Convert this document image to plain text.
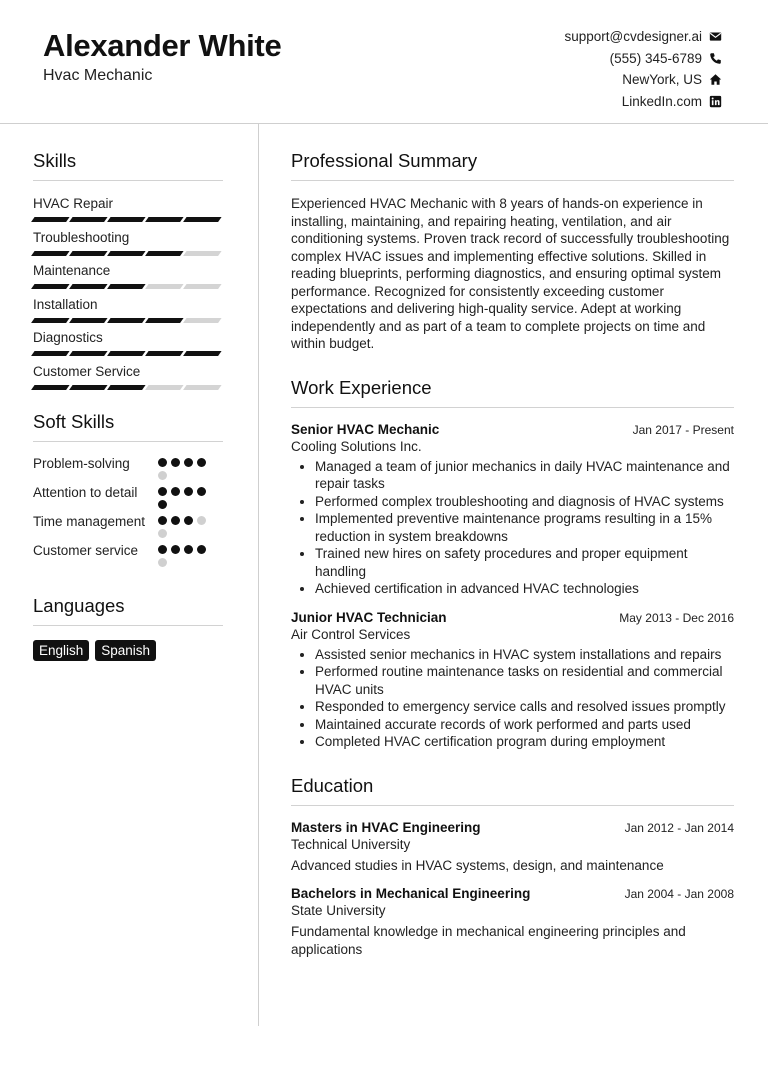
Alexander White
Hvac Mechanic
support@cvdesigner.ai
(555) 345-6789
NewYork, US
LinkedIn.com
Skills
HVAC Repair
Troubleshooting
Maintenance
Installation
Diagnostics
Customer Service
Soft Skills
Problem-solving
Attention to detail
Time management
Customer service
Languages
English	Spanish
Professional Summary
Experienced HVAC Mechanic with 8 years of hands-on experience in installing, maintaining, and repairing heating, ventilation, and air conditioning systems. Proven track record of successfully troubleshooting complex HVAC issues and implementing effective solutions. Skilled in reading blueprints, performing diagnostics, and ensuring optimal system performance. Recognized for consistently exceeding customer expectations and delivering high-quality service. Adept at working independently and as part of a team to complete projects on time and within budget.
Work Experience
Senior HVAC Mechanic	Jan 2017 - Present
Cooling Solutions Inc.
• Managed a team of junior mechanics in daily HVAC maintenance and repair tasks
• Performed complex troubleshooting and diagnosis of HVAC systems
• Implemented preventive maintenance programs resulting in a 15% reduction in system breakdowns
• Trained new hires on safety procedures and proper equipment handling
• Achieved certification in advanced HVAC technologies
Junior HVAC Technician	May 2013 - Dec 2016
Air Control Services
• Assisted senior mechanics in HVAC system installations and repairs
• Performed routine maintenance tasks on residential and commercial HVAC units
• Responded to emergency service calls and resolved issues promptly
• Maintained accurate records of work performed and parts used
• Completed HVAC certification program during employment
Education
Masters in HVAC Engineering	Jan 2012 - Jan 2014
Technical University
Advanced studies in HVAC systems, design, and maintenance
Bachelors in Mechanical Engineering	Jan 2004 - Jan 2008
State University
Fundamental knowledge in mechanical engineering principles and applications
